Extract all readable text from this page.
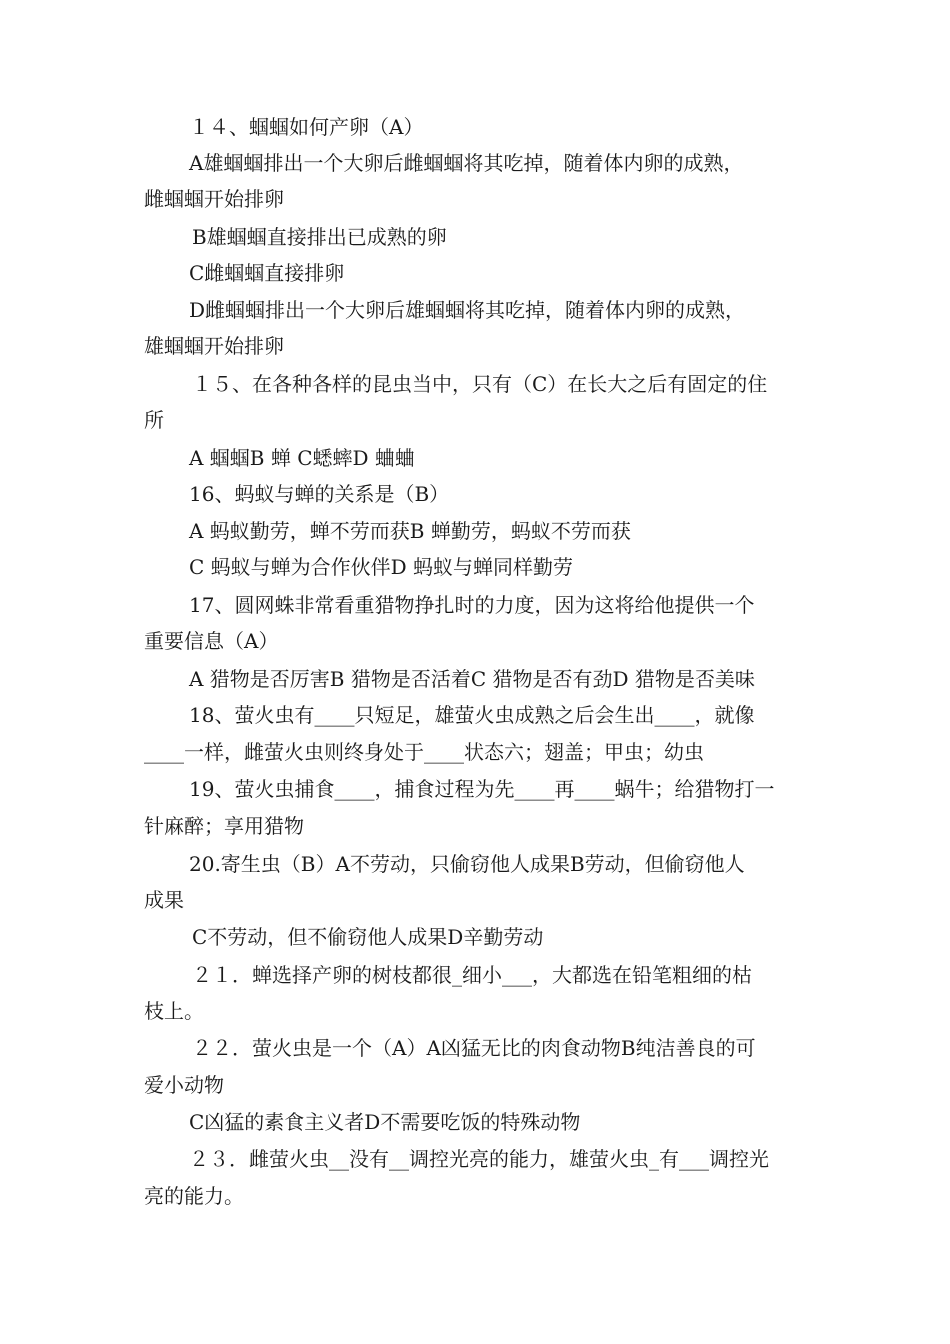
１４、蝈蝈如何产卵（A）
A雄蝈蝈排出一个大卵后雌蝈蝈将其吃掉，随着体内卵的成熟，
雌蝈蝈开始排卵
B雄蝈蝈直接排出已成熟的卵
C雌蝈蝈直接排卵
D雌蝈蝈排出一个大卵后雄蝈蝈将其吃掉，随着体内卵的成熟，
雄蝈蝈开始排卵
１５、在各种各样的昆虫当中，只有（C）在长大之后有固定的住
所
A 蝈蝈B 蝉 C蟋蟀D 蛐蛐
16、蚂蚁与蝉的关系是（B）
A 蚂蚁勤劳，蝉不劳而获B 蝉勤劳，蚂蚁不劳而获
C 蚂蚁与蝉为合作伙伴D 蚂蚁与蝉同样勤劳
17、圆网蛛非常看重猎物挣扎时的力度，因为这将给他提供一个
重要信息（A）
A 猎物是否厉害B 猎物是否活着C 猎物是否有劲D 猎物是否美味
18、萤火虫有____只短足，雄萤火虫成熟之后会生出____，就像
____一样，雌萤火虫则终身处于____状态六；翅盖；甲虫；幼虫
19、萤火虫捕食____，捕食过程为先____再____蜗牛；给猎物打一
针麻醉；享用猎物
20.寄生虫（B）A不劳动，只偷窃他人成果B劳动，但偷窃他人
成果
C不劳动，但不偷窃他人成果D辛勤劳动
２１．蝉选择产卵的树枝都很_细小___，大都选在铅笔粗细的枯
枝上。
２２．萤火虫是一个（A）A凶猛无比的肉食动物B纯洁善良的可
爱小动物
C凶猛的素食主义者D不需要吃饭的特殊动物
２３．雌萤火虫__没有__调控光亮的能力，雄萤火虫_有___调控光
亮的能力。
